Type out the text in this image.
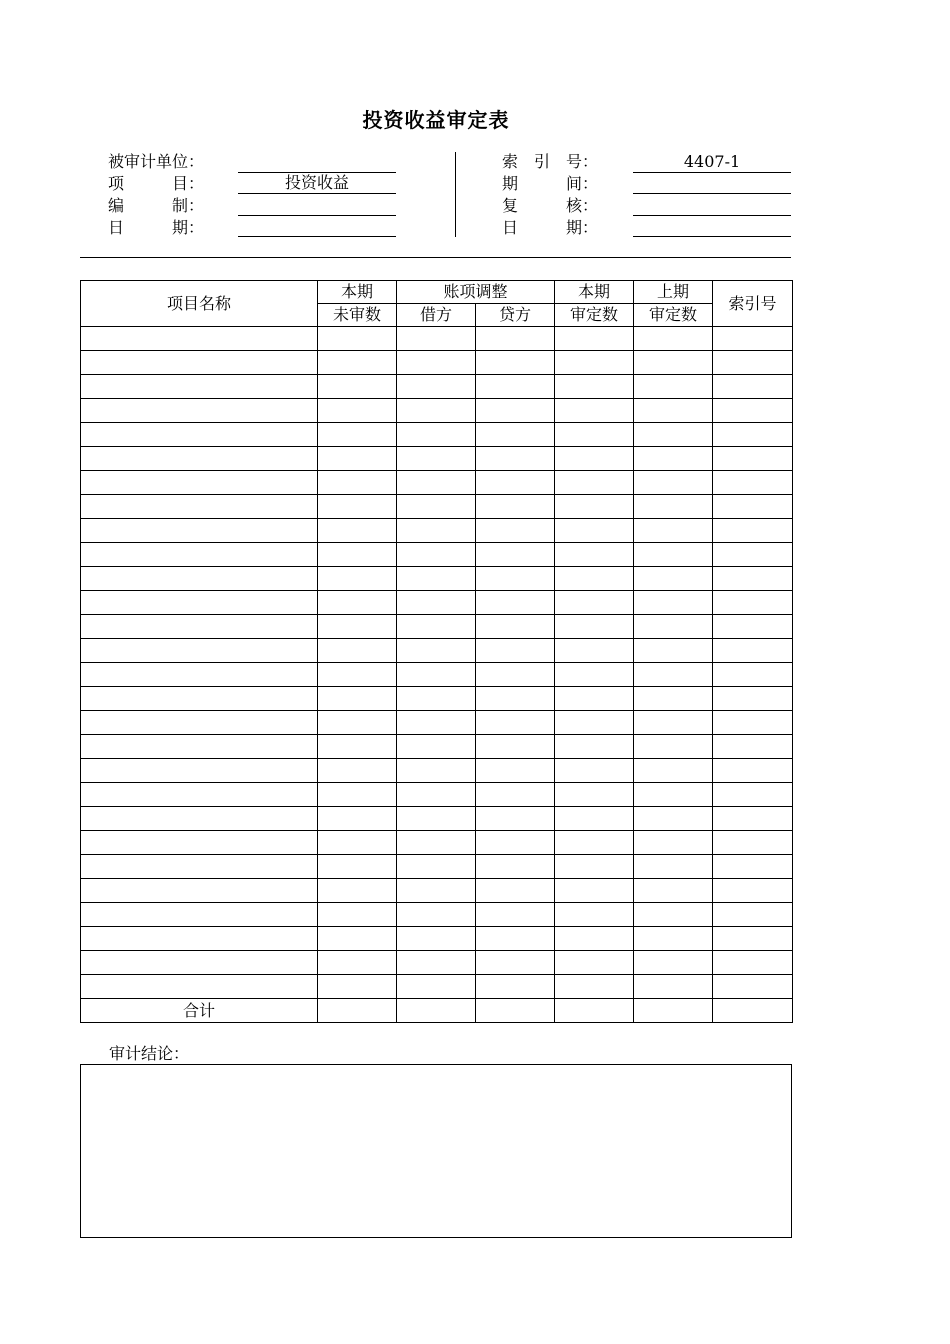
投资收益审定表
被审计单位：
项　　　目：	投资收益
编　　　制：
日　　　期：
索　引　号：	4407-1
期　　　间：
复　　　核：
日　　　期：
项目名称	本期	账项调整		本期	上期	索引号
	未审数	借方	贷方	审定数	审定数	

合计						
审计结论：
